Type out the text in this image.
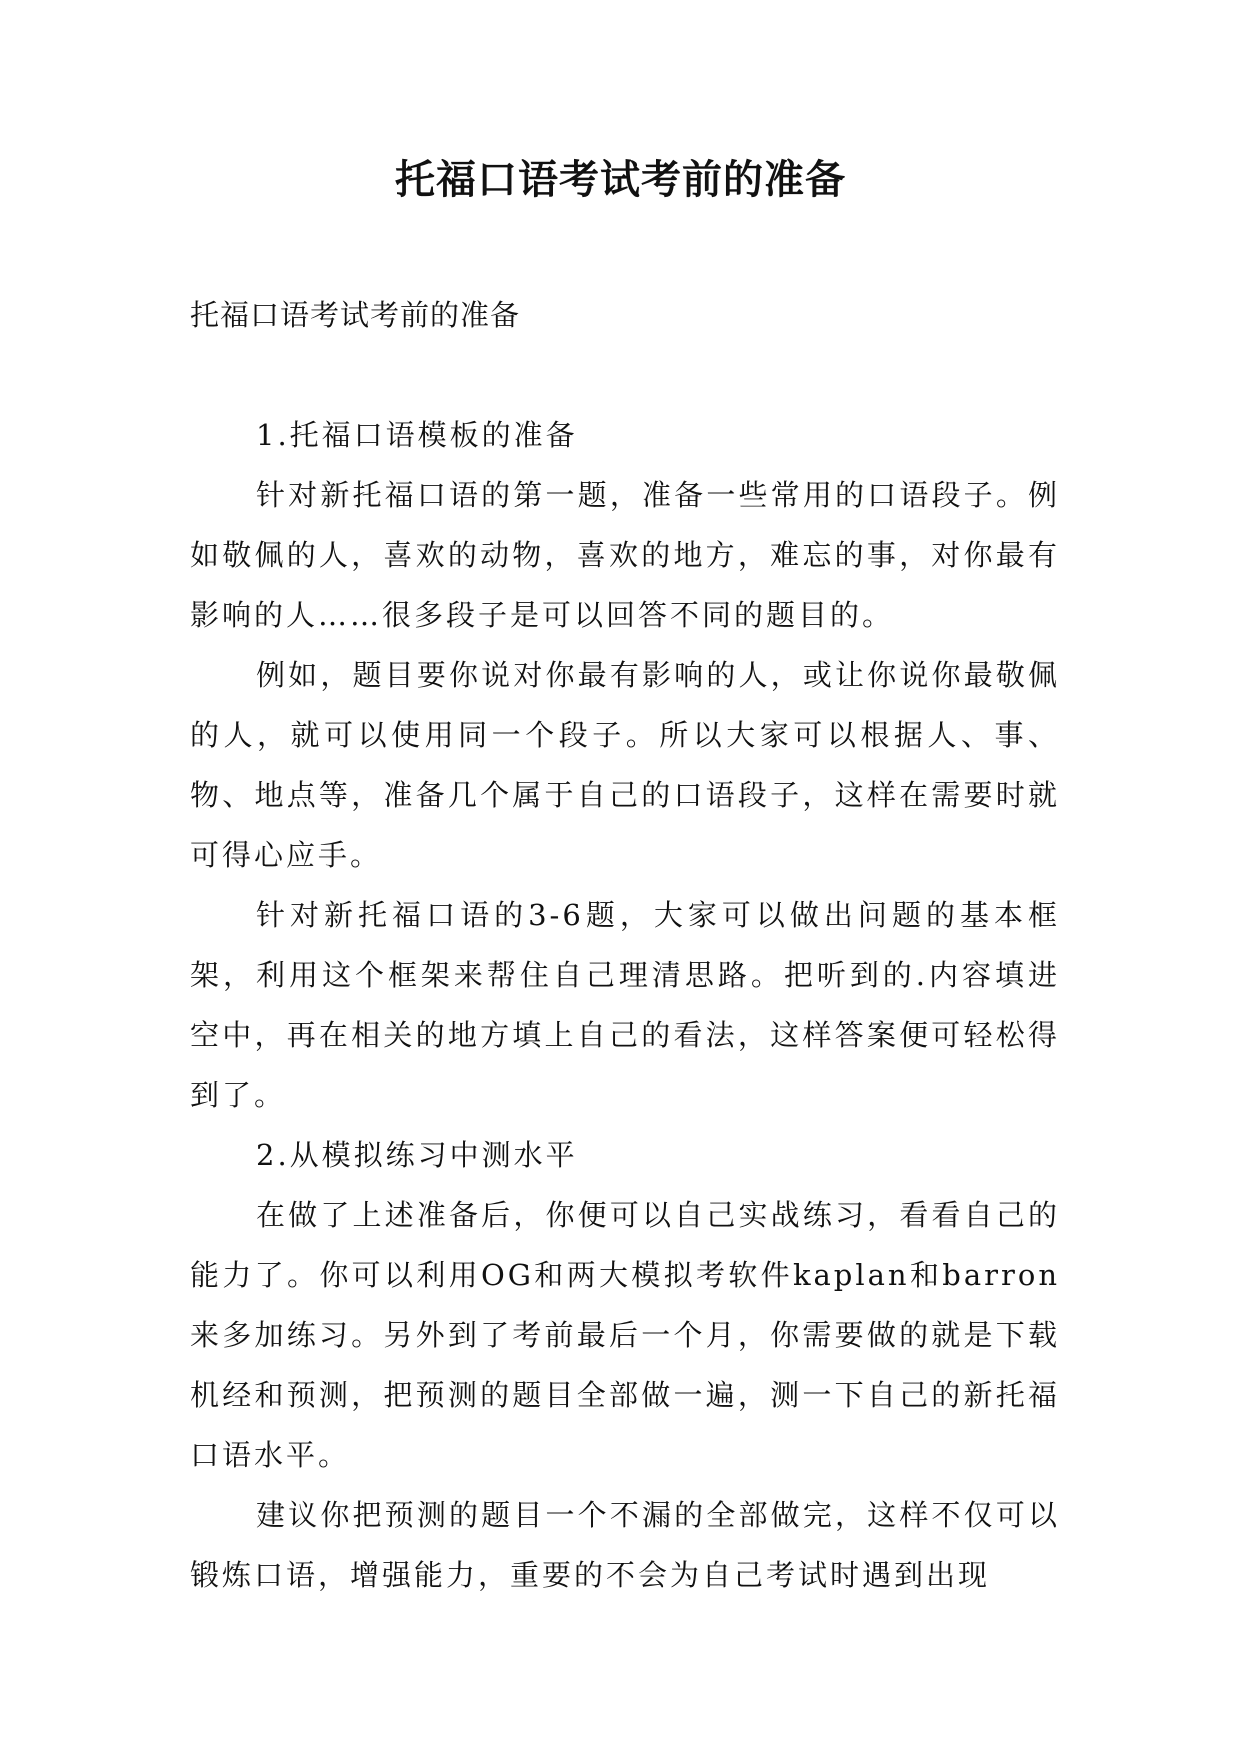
托福口语考试考前的准备
托福口语考试考前的准备

1.托福口语模板的准备

针对新托福口语的第一题，准备一些常用的口语段子。例如敬佩的人，喜欢的动物，喜欢的地方，难忘的事，对你最有影响的人……很多段子是可以回答不同的题目的。

例如，题目要你说对你最有影响的人，或让你说你最敬佩的人，就可以使用同一个段子。所以大家可以根据人、事、物、地点等，准备几个属于自己的口语段子，这样在需要时就可得心应手。

针对新托福口语的3-6题，大家可以做出问题的基本框架，利用这个框架来帮住自己理清思路。把听到的.内容填进空中，再在相关的地方填上自己的看法，这样答案便可轻松得到了。

2.从模拟练习中测水平

在做了上述准备后，你便可以自己实战练习，看看自己的能力了。你可以利用OG和两大模拟考软件kaplan和barron来多加练习。另外到了考前最后一个月，你需要做的就是下载机经和预测，把预测的题目全部做一遍，测一下自己的新托福口语水平。

建议你把预测的题目一个不漏的全部做完，这样不仅可以锻炼口语，增强能力，重要的不会为自己考试时遇到出现
